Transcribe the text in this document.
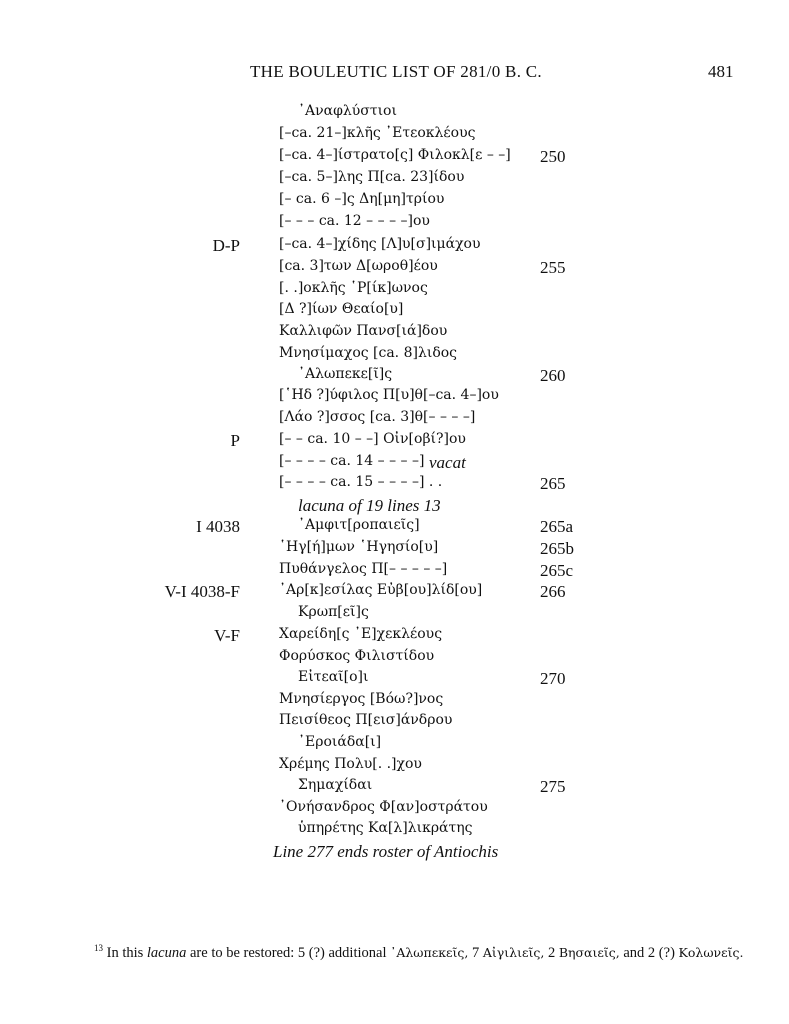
THE BOULEUTIC LIST OF 281/0 B. C.	481
᾽Αναφλύστιοι
[–ca. 21–]κλῆς ᾽Ετεοκλέους
[–ca. 4–]ίστρατο[ς] Φιλοκλ[ε – –] 250
[–ca. 5–]λης Π[ca. 23]ίδου
[– ca. 6 –]ς Δη[μη]τρίου
[– – – ca. 12 – – – –]ου
D-P	[–ca. 4–]χίδης [Λ]υ[σ]ιμάχου
[ca. 3]των Δ[ωροθ]έου	255
[. .]οκλῆς ῾Ρ[ίκ]ωνος
[Δ ?]ίων Θεαίο[υ]
Καλλιφῶν Πανσ[ιά]δου
Μνησίμαχος [ca. 8]λιδος
᾽Αλωπεκε[ῖ]ς	260
[῾Ηδ ?]ύφιλος Π[υ]θ[–ca. 4–]ου
[Λάο ?]σσος [ca. 3]θ[– – – –]
P	[– – ca. 10 – –] Οἰν[οβί?]ου
[– – – – ca. 14 – – – –] vacat
[– – – – ca. 15 – – – –] . .	265
lacuna of 19 lines 13
I 4038	᾽Αμφιτ[ροπαιεῖς]	265a
῾Ηγ[ή]μων ῾Ηγησίο[υ]	265b
Πυθάνγελος Π[– – – – –]	265c
V-I 4038-F	᾽Αρ[κ]εσίλας Εὐβ[ου]λίδ[ου]	266
Κρωπ[εῖ]ς
V-F	Χαρείδη[ς ᾽Ε]χεκλέους
Φορύσκος Φιλιστίδου
Εἰτεαῖ[ο]ι	270
Μνησίεργος [Βόω?]νος
Πεισίθεος Π[εισ]άνδρου
᾽Εροιάδα[ι]
Χρέμης Πολυ[. .]χου
Σημαχίδαι	275
᾽Ονήσανδρος Φ[αν]οστράτου
ὑπηρέτης Κα[λ]λικράτης
Line 277 ends roster of Antiochis
$^{13}$ In this lacuna are to be restored: 5 (?) additional ᾽Αλωπεκεῖς, 7 Αἰγιλιεῖς, 2 Βησαιεῖς, and 2 (?) Κολωνεῖς.
